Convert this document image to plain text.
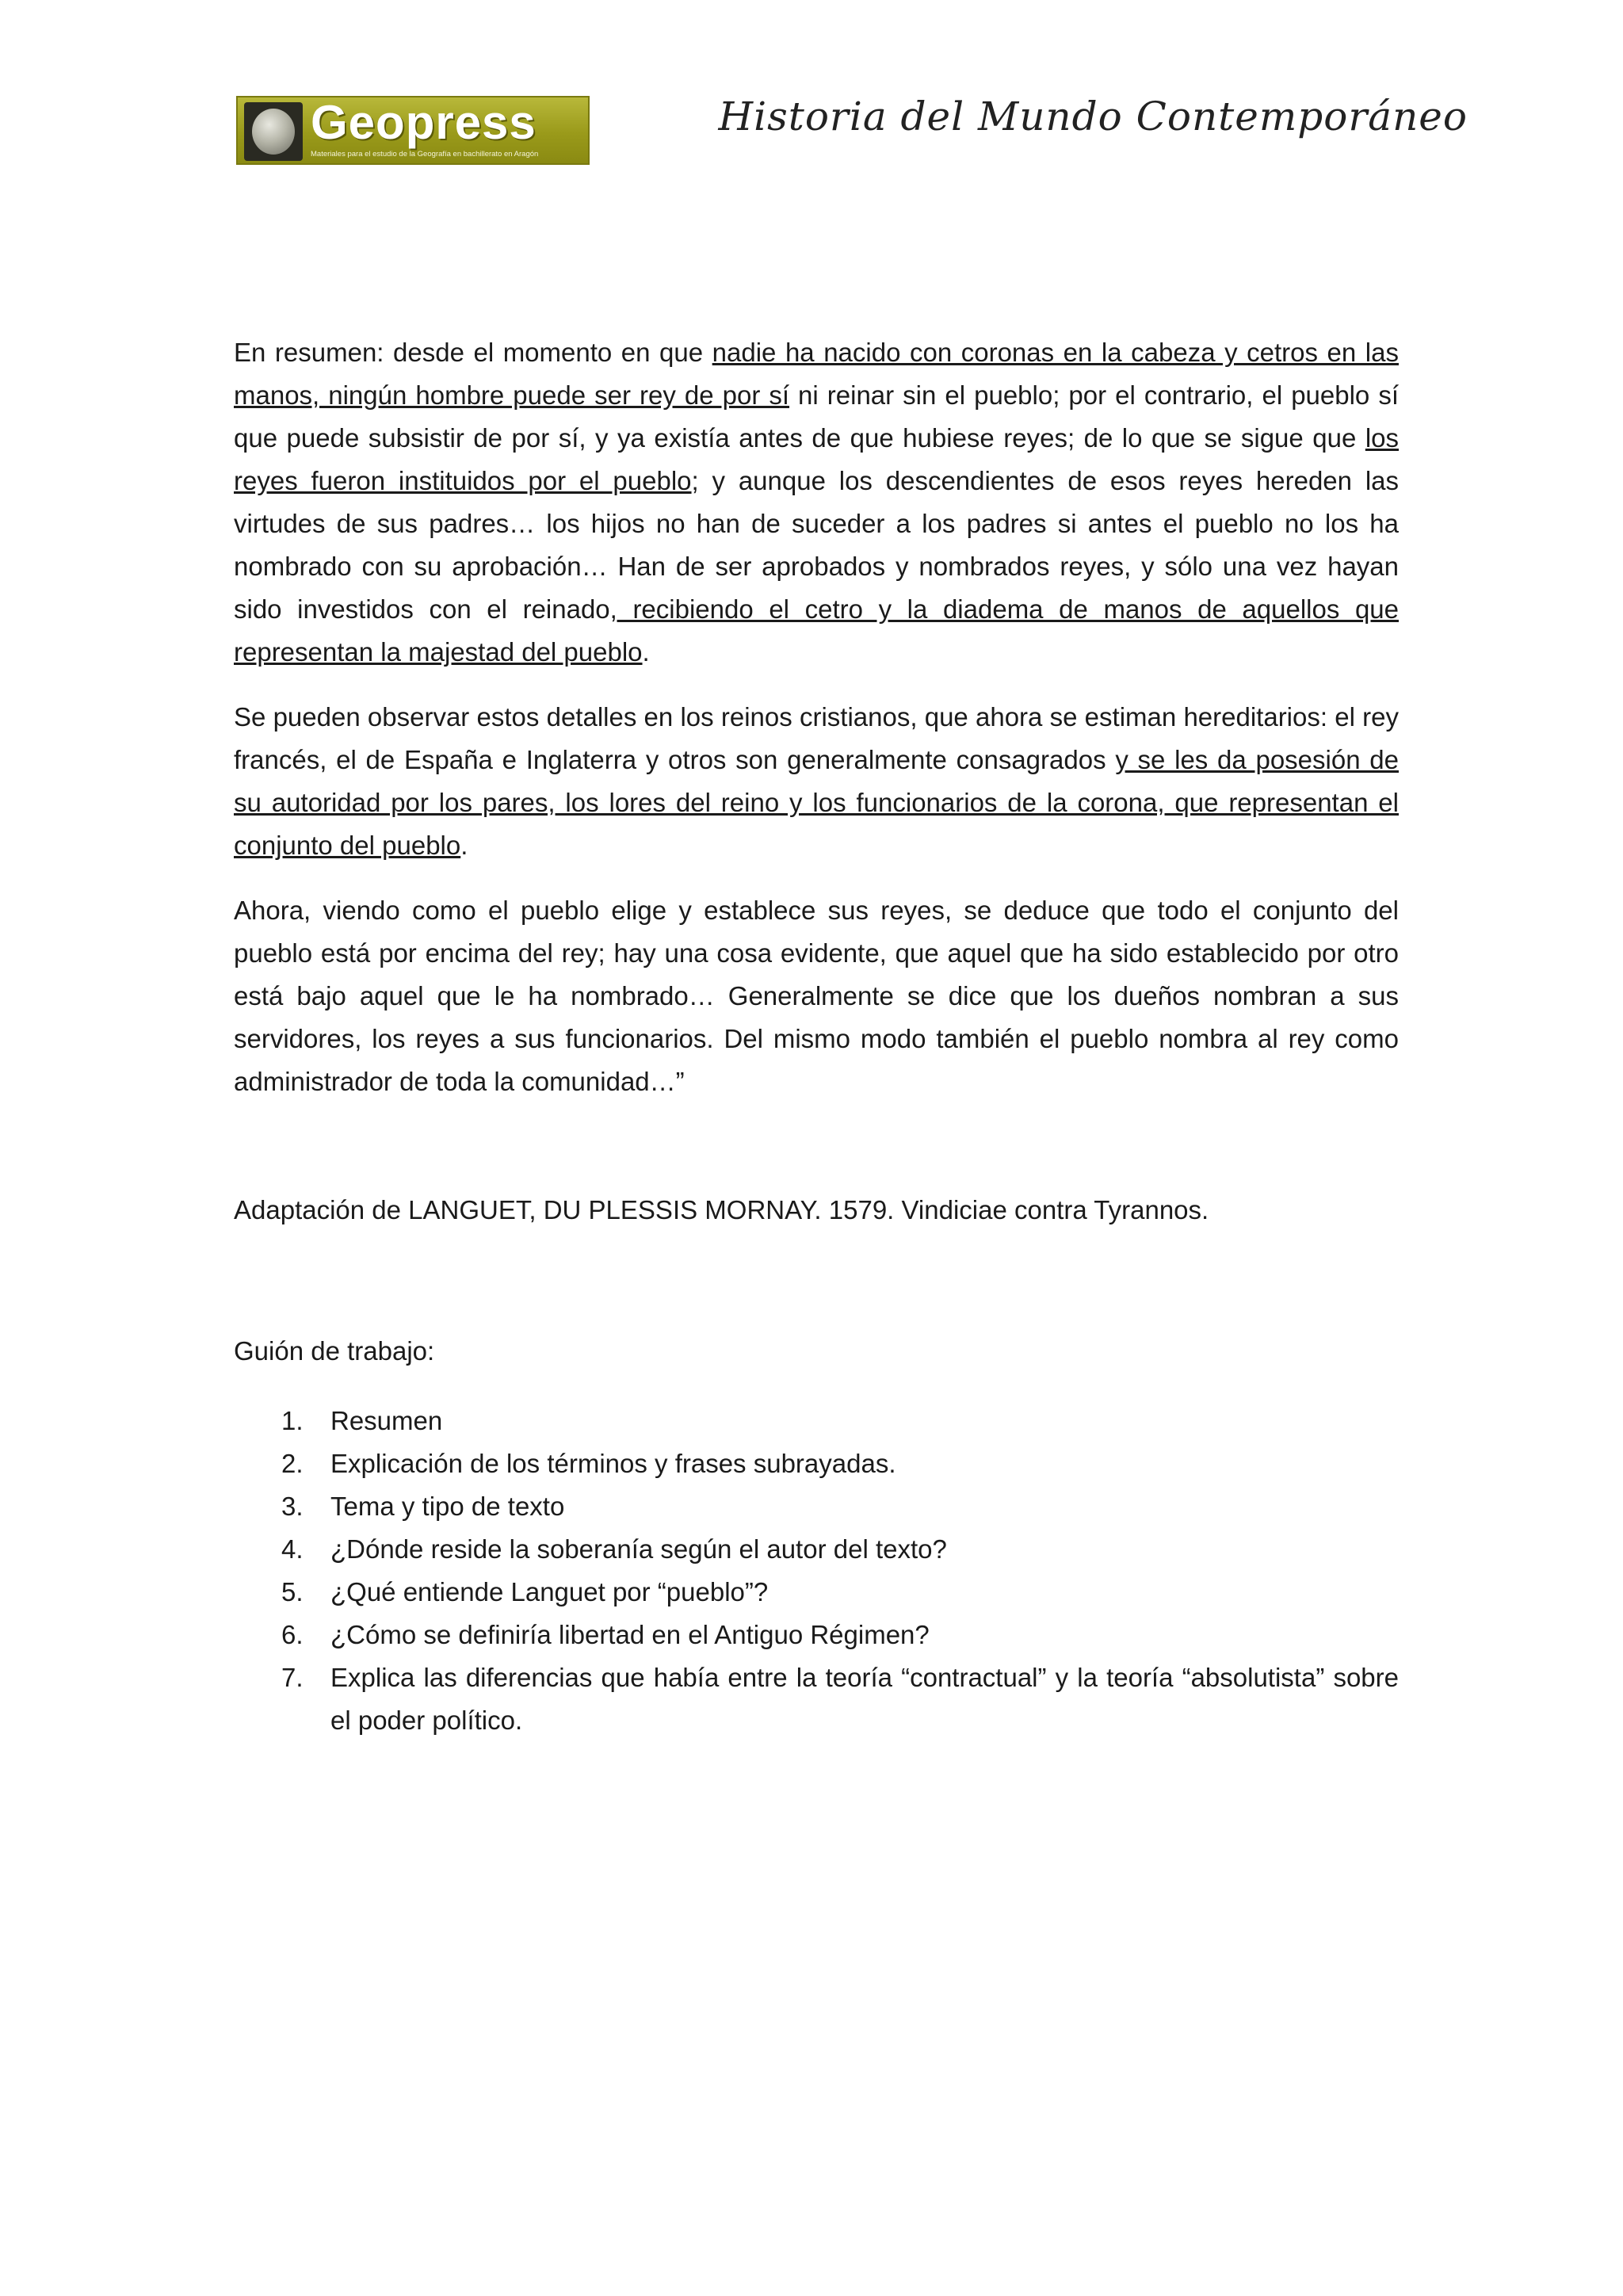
Geopress
Materiales para el estudio de la Geografía en bachillerato en Aragón
Historia del Mundo Contemporáneo

En resumen: desde el momento en que nadie ha nacido con coronas en la cabeza y cetros en las manos, ningún hombre puede ser rey de por sí ni reinar sin el pueblo; por el contrario, el pueblo sí que puede subsistir de por sí, y ya existía antes de que hubiese reyes; de lo que se sigue que los reyes fueron instituidos por el pueblo; y aunque los descendientes de esos reyes hereden las virtudes de sus padres… los hijos no han de suceder a los padres si antes el pueblo no los ha nombrado con su aprobación… Han de ser aprobados y nombrados reyes, y sólo una vez hayan sido investidos con el reinado, recibiendo el cetro y la diadema de manos de aquellos que representan la majestad del pueblo.

Se pueden observar estos detalles en los reinos cristianos, que ahora se estiman hereditarios: el rey francés, el de España e Inglaterra y otros son generalmente consagrados y se les da posesión de su autoridad por los pares, los lores del reino y los funcionarios de la corona, que representan el conjunto del pueblo.

Ahora, viendo como el pueblo elige y establece sus reyes, se deduce que todo el conjunto del pueblo está por encima del rey; hay una cosa evidente, que aquel que ha sido establecido por otro está bajo aquel que le ha nombrado… Generalmente se dice que los dueños nombran a sus servidores, los reyes a sus funcionarios. Del mismo modo también el pueblo nombra al rey como administrador de toda la comunidad…”

Adaptación de LANGUET, DU PLESSIS MORNAY. 1579. Vindiciae contra Tyrannos.
Guión de trabajo:
1. Resumen
2. Explicación de los términos y frases subrayadas.
3. Tema y tipo de texto
4. ¿Dónde reside la soberanía según el autor del texto?
5. ¿Qué entiende Languet por “pueblo”?
6. ¿Cómo se definiría libertad en el Antiguo Régimen?
7. Explica las diferencias que había entre la teoría “contractual” y la teoría “absolutista” sobre el poder político.
